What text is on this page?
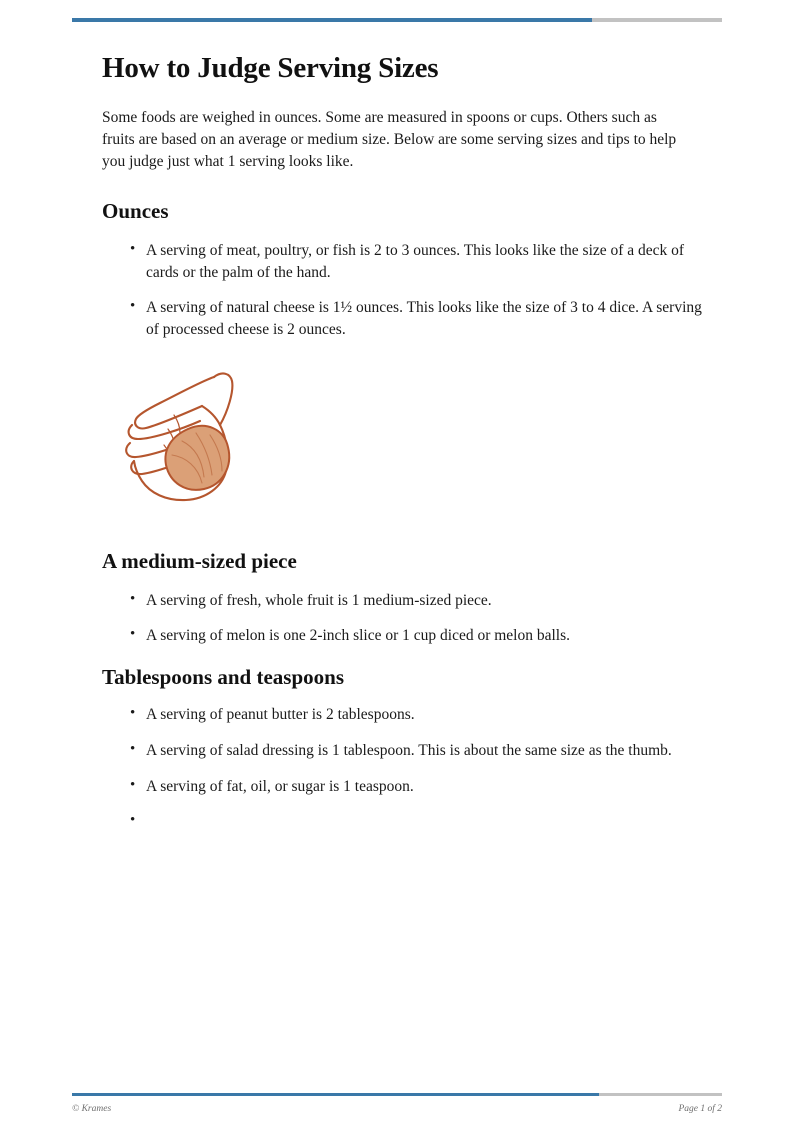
How to Judge Serving Sizes

Some foods are weighed in ounces. Some are measured in spoons or cups. Others such as fruits are based on an average or medium size. Below are some serving sizes and tips to help you judge just what 1 serving looks like.

Ounces
• A serving of meat, poultry, or fish is 2 to 3 ounces. This looks like the size of a deck of cards or the palm of the hand.
• A serving of natural cheese is 1½ ounces. This looks like the size of 3 to 4 dice. A serving of processed cheese is 2 ounces.
A medium-sized piece
• A serving of fresh, whole fruit is 1 medium-sized piece.
• A serving of melon is one 2-inch slice or 1 cup diced or melon balls.
Tablespoons and teaspoons
• A serving of peanut butter is 2 tablespoons.
• A serving of salad dressing is 1 tablespoon. This is about the same size as the thumb.
• A serving of fat, oil, or sugar is 1 teaspoon.
•
© Krames	Page 1 of 2
